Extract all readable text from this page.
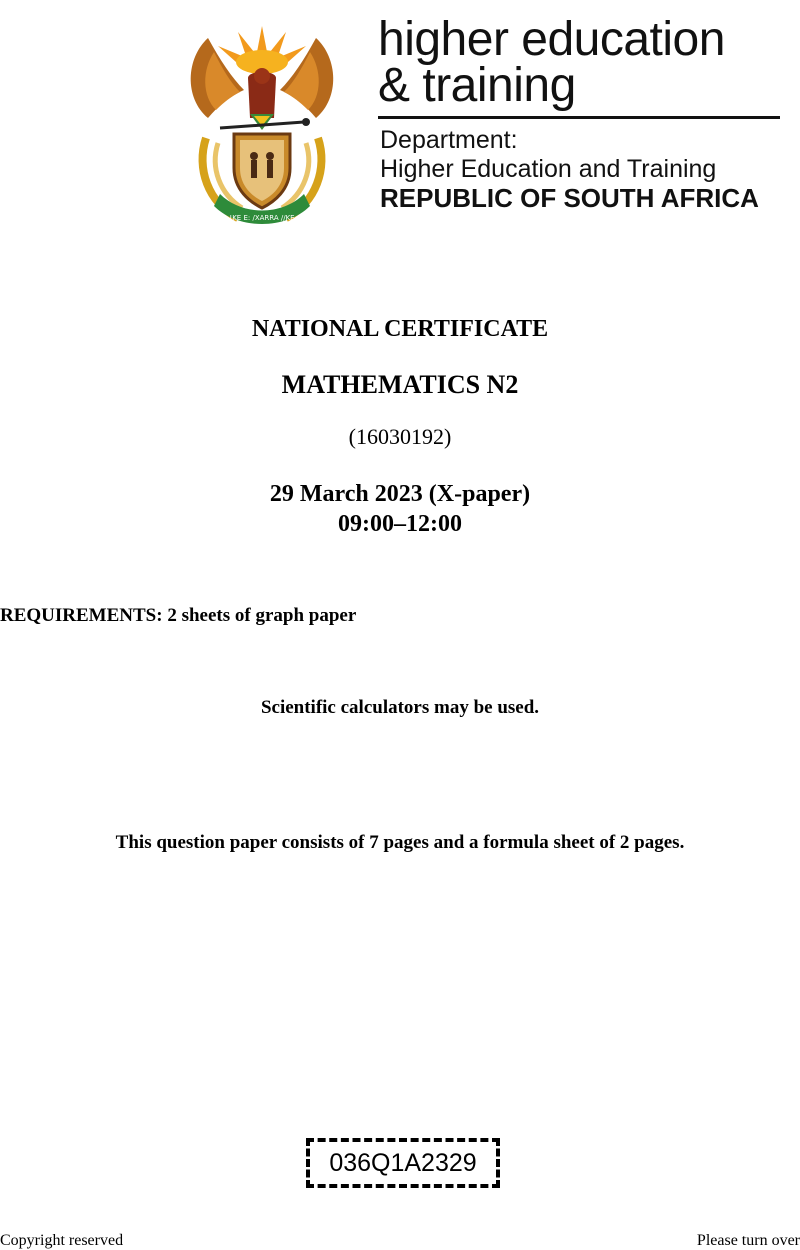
!KE E: /XARRA //KE
higher education
& training
Department:
Higher Education and Training
REPUBLIC OF SOUTH AFRICA
NATIONAL CERTIFICATE
MATHEMATICS N2
(16030192)
29 March 2023 (X-paper)
09:00–12:00
REQUIREMENTS: 2 sheets of graph paper
Scientific calculators may be used.
This question paper consists of 7 pages and a formula sheet of 2 pages.
036Q1A2329
Copyright reserved	Please turn over
